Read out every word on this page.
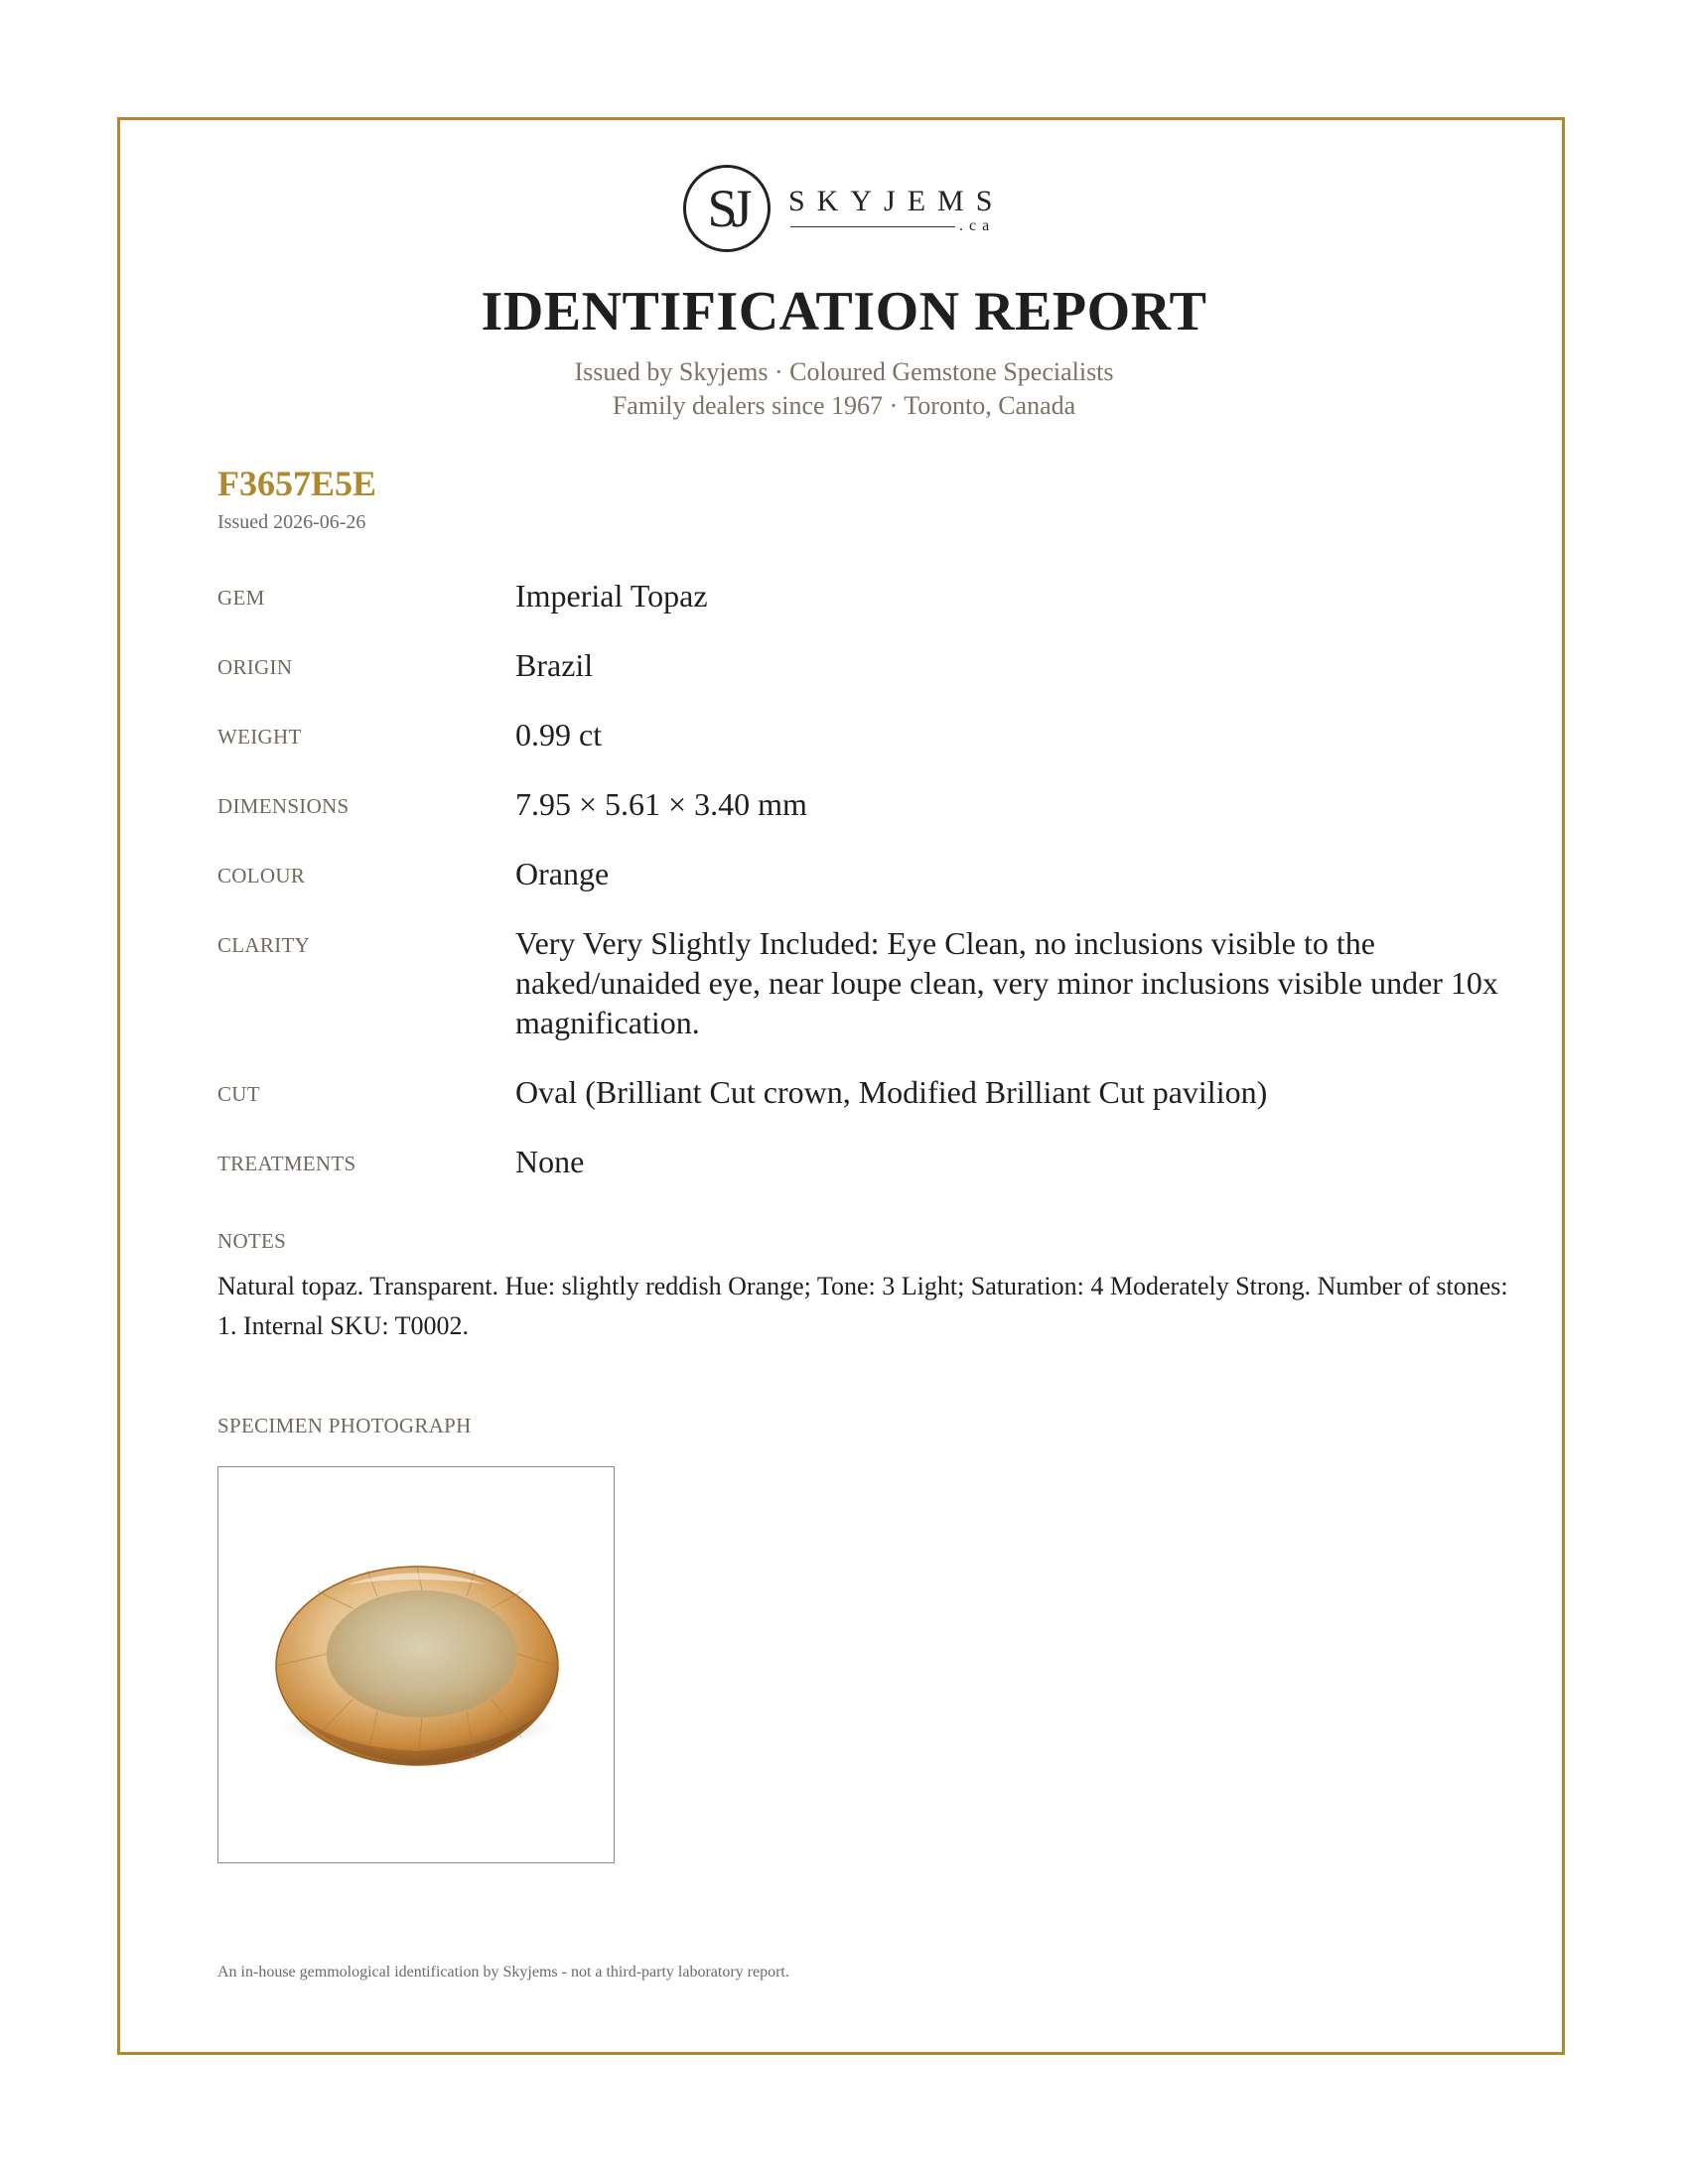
SJ	SKYJEMS
.ca
IDENTIFICATION REPORT
Issued by Skyjems · Coloured Gemstone Specialists
Family dealers since 1967 · Toronto, Canada
F3657E5E
Issued 2026-06-26
GEM	Imperial Topaz
ORIGIN	Brazil
WEIGHT	0.99 ct
DIMENSIONS	7.95 × 5.61 × 3.40 mm
COLOUR	Orange
CLARITY	Very Very Slightly Included: Eye Clean, no inclusions visible to the naked/unaided eye, near loupe clean, very minor inclusions visible under 10x magnification.
CUT	Oval (Brilliant Cut crown, Modified Brilliant Cut pavilion)
TREATMENTS	None
NOTES
Natural topaz. Transparent. Hue: slightly reddish Orange; Tone: 3 Light; Saturation: 4 Moderately Strong. Number of stones: 1. Internal SKU: T0002.
SPECIMEN PHOTOGRAPH
An in-house gemmological identification by Skyjems - not a third-party laboratory report.
